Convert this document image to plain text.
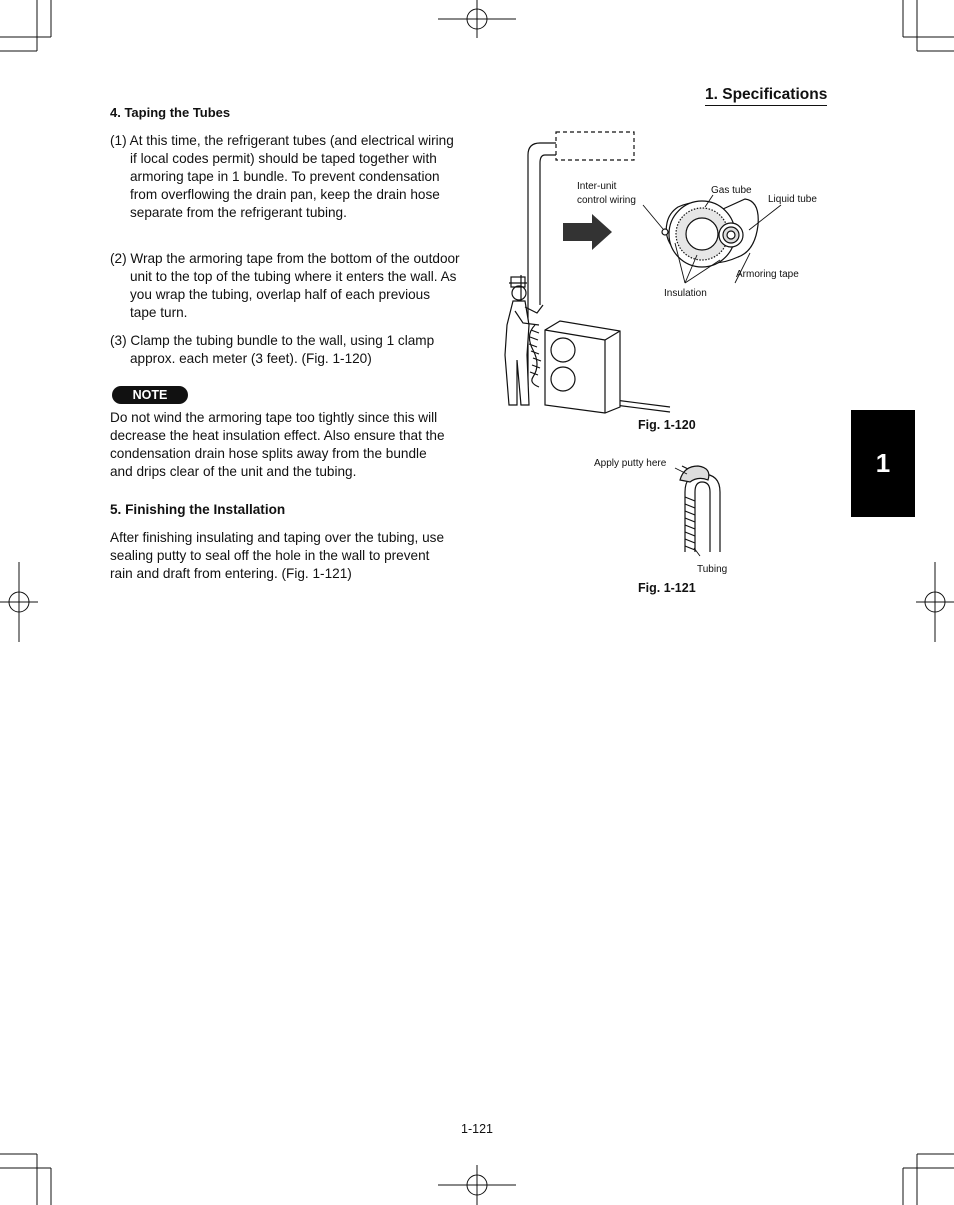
1. Specifications
1
4. Taping the Tubes
(1) At this time, the refrigerant tubes (and electrical wiring if local codes permit) should be taped together with armoring tape in 1 bundle. To prevent condensation from overflowing the drain pan, keep the drain hose separate from the refrigerant tubing.
(2) Wrap the armoring tape from the bottom of the outdoor unit to the top of the tubing where it enters the wall. As you wrap the tubing, overlap half of each previous tape turn.
(3) Clamp the tubing bundle to the wall, using 1 clamp approx. each meter (3 feet). (Fig. 1-120)
NOTE
Do not wind the armoring tape too tightly since this will decrease the heat insulation effect. Also ensure that the condensation drain hose splits away from the bundle and drips clear of the unit and the tubing.
5. Finishing the Installation
After finishing insulating and taping over the tubing, use sealing putty to seal off the hole in the wall to prevent rain and draft from entering. (Fig. 1-121)
Inter-unit
control wiring
Gas tube
Liquid tube
Armoring tape
Insulation
Fig. 1-120
Apply putty here
Tubing
Fig. 1-121
1-121
